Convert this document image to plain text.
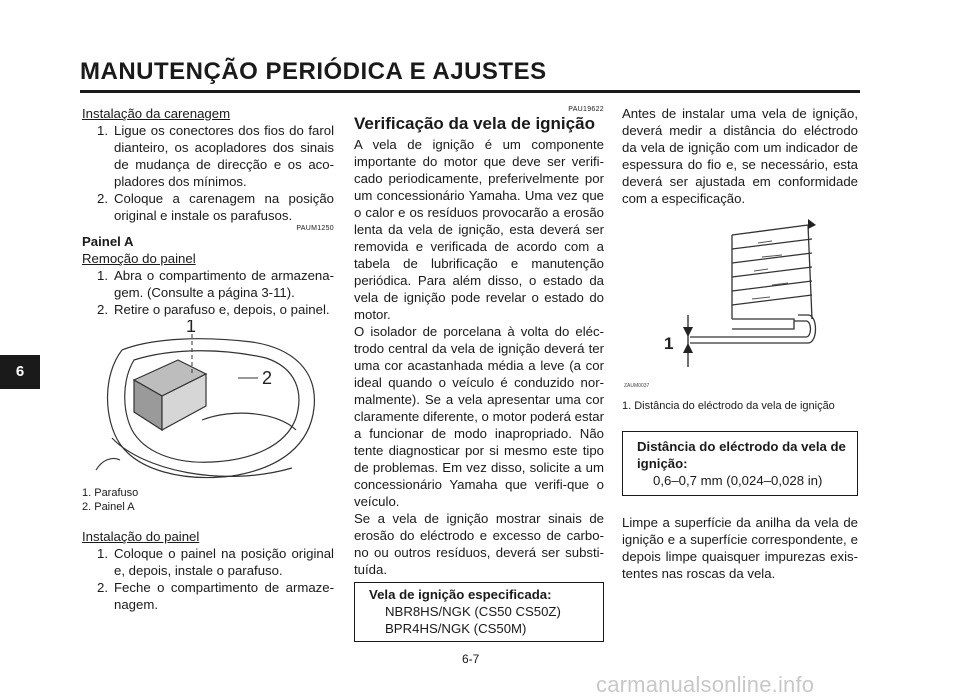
MANUTENÇÃO PERIÓDICA E AJUSTES
6
Instalação da carenagem
1. Ligue os conectores dos fios do farol dianteiro, os acopladores dos sinais de mudança de direcção e os aco-pladores dos mínimos.
2. Coloque a carenagem na posição original e instale os parafusos.
PAUM1250
Painel A
Remoção do painel
1. Abra o compartimento de armazena-gem. (Consulte a página 3-11).
2. Retire o parafuso e, depois, o painel.
1
2
1. Parafuso
2. Painel A
Instalação do painel
1. Coloque o painel na posição original e, depois, instale o parafuso.
2. Feche o compartimento de armaze-nagem.
PAU19622
Verificação da vela de ignição
A vela de ignição é um componente importante do motor que deve ser verifi-cado periodicamente, preferivelmente por um concessionário Yamaha. Uma vez que o calor e os resíduos provocarão a erosão lenta da vela de ignição, esta deverá ser removida e verificada de acordo com a tabela de lubrificação e manutenção periódica. Para além disso, o estado da vela de ignição pode revelar o estado do motor.
O isolador de porcelana à volta do eléc-trodo central da vela de ignição deverá ter uma cor acastanhada média a leve (a cor ideal quando o veículo é conduzido nor-malmente). Se a vela apresentar uma cor claramente diferente, o motor poderá estar a funcionar de modo inapropriado. Não tente diagnosticar por si mesmo este tipo de problemas. Em vez disso, solicite a um concessionário Yamaha que verifi-que o veículo.
Se a vela de ignição mostrar sinais de erosão do eléctrodo e excesso de carbo-no ou outros resíduos, deverá ser substi-tuída.
Vela de ignição especificada:
NBR8HS/NGK (CS50 CS50Z)
BPR4HS/NGK (CS50M)
Antes de instalar uma vela de ignição, deverá medir a distância do eléctrodo da vela de ignição com um indicador de espessura do fio e, se necessário, esta deverá ser ajustada em conformidade com a especificação.
1
ZAUM0037
1. Distância do eléctrodo da vela de ignição
Distância do eléctrodo da vela de ignição:
0,6–0,7 mm (0,024–0,028 in)
Limpe a superfície da anilha da vela de ignição e a superfície correspondente, e depois limpe quaisquer impurezas exis-tentes nas roscas da vela.
6-7
carmanualsonline.info
